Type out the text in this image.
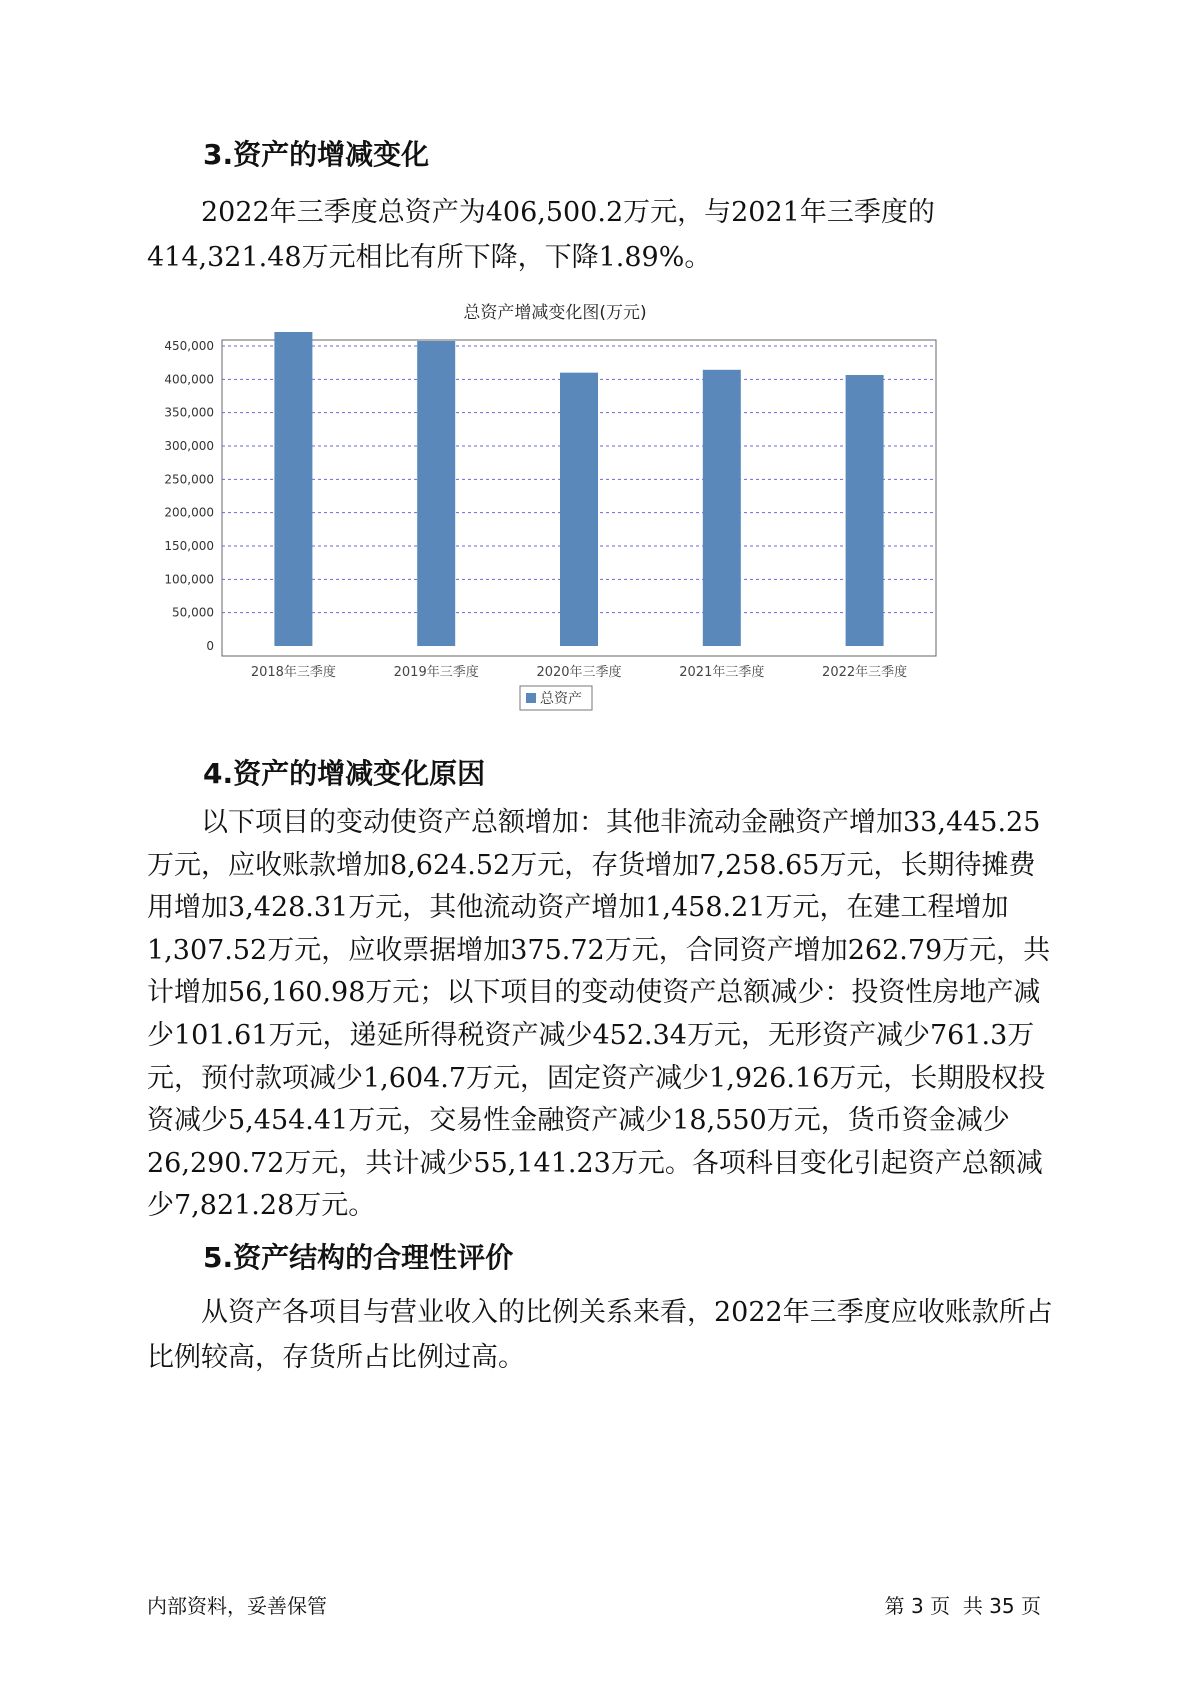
3.资产的增减变化

2022年三季度总资产为406,500.2万元，与2021年三季度的414,321.48万元相比有所下降，下降1.89%。

总资产增减变化图(万元)
0
50,000
100,000
150,000
200,000
250,000
300,000
350,000
400,000
450,000
2018年三季度	2019年三季度	2020年三季度	2021年三季度	2022年三季度
总资产
4.资产的增减变化原因

以下项目的变动使资产总额增加：其他非流动金融资产增加33,445.25万元，应收账款增加8,624.52万元，存货增加7,258.65万元，长期待摊费用增加3,428.31万元，其他流动资产增加1,458.21万元，在建工程增加1,307.52万元，应收票据增加375.72万元，合同资产增加262.79万元，共计增加56,160.98万元；以下项目的变动使资产总额减少：投资性房地产减少101.61万元，递延所得税资产减少452.34万元，无形资产减少761.3万元，预付款项减少1,604.7万元，固定资产减少1,926.16万元，长期股权投资减少5,454.41万元，交易性金融资产减少18,550万元，货币资金减少26,290.72万元，共计减少55,141.23万元。各项科目变化引起资产总额减少7,821.28万元。

5.资产结构的合理性评价

从资产各项目与营业收入的比例关系来看，2022年三季度应收账款所占比例较高，存货所占比例过高。

内部资料，妥善保管	第 3 页  共 35 页
